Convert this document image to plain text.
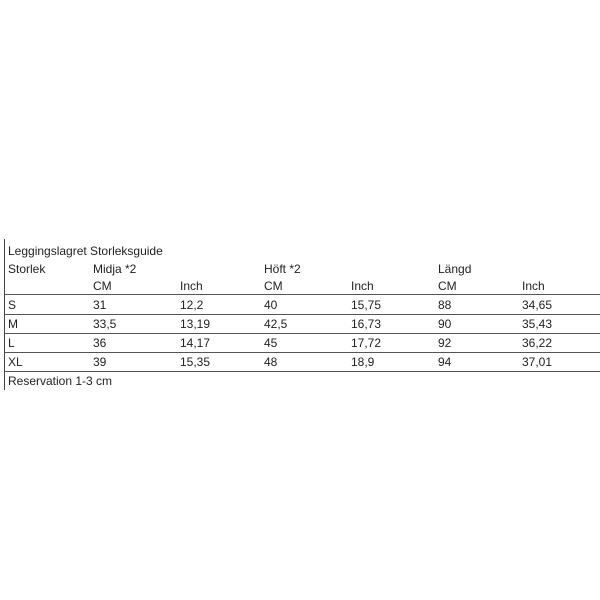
Leggingslagret Storleksguide
Storlek	Midja *2	Höft *2	Längd
CM	Inch	CM	Inch	CM	Inch
S	31	12,2	40	15,75	88	34,65
M	33,5	13,19	42,5	16,73	90	35,43
L	36	14,17	45	17,72	92	36,22
XL	39	15,35	48	18,9	94	37,01
Reservation 1-3 cm
